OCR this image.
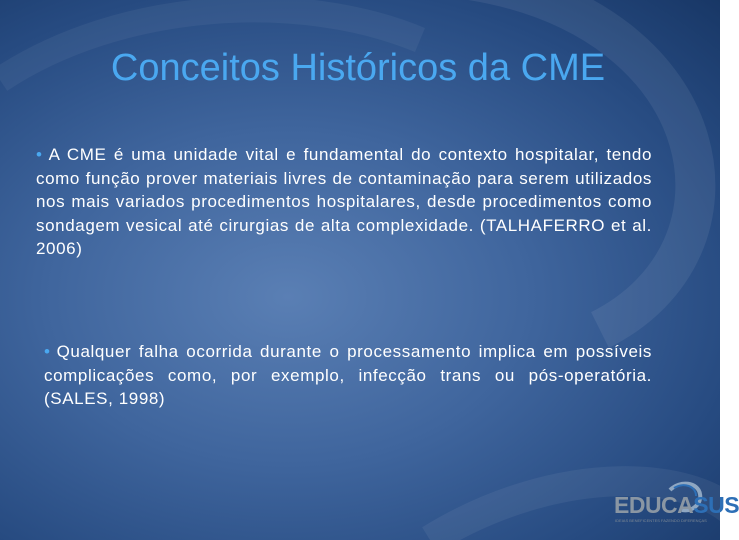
Conceitos Históricos da CME
• A CME é uma unidade vital e fundamental do contexto hospitalar, tendo como função prover materiais livres de contaminação para serem utilizados nos mais variados procedimentos hospitalares, desde procedimentos como sondagem vesical até cirurgias de alta complexidade. (TALHAFERRO et al. 2006)
• Qualquer falha ocorrida durante o processamento implica em possíveis complicações como, por exemplo, infecção trans ou pós-operatória. (SALES, 1998)
EDUCASUS
IDEIAS BENEFICENTES FAZENDO DIFERENÇAS
